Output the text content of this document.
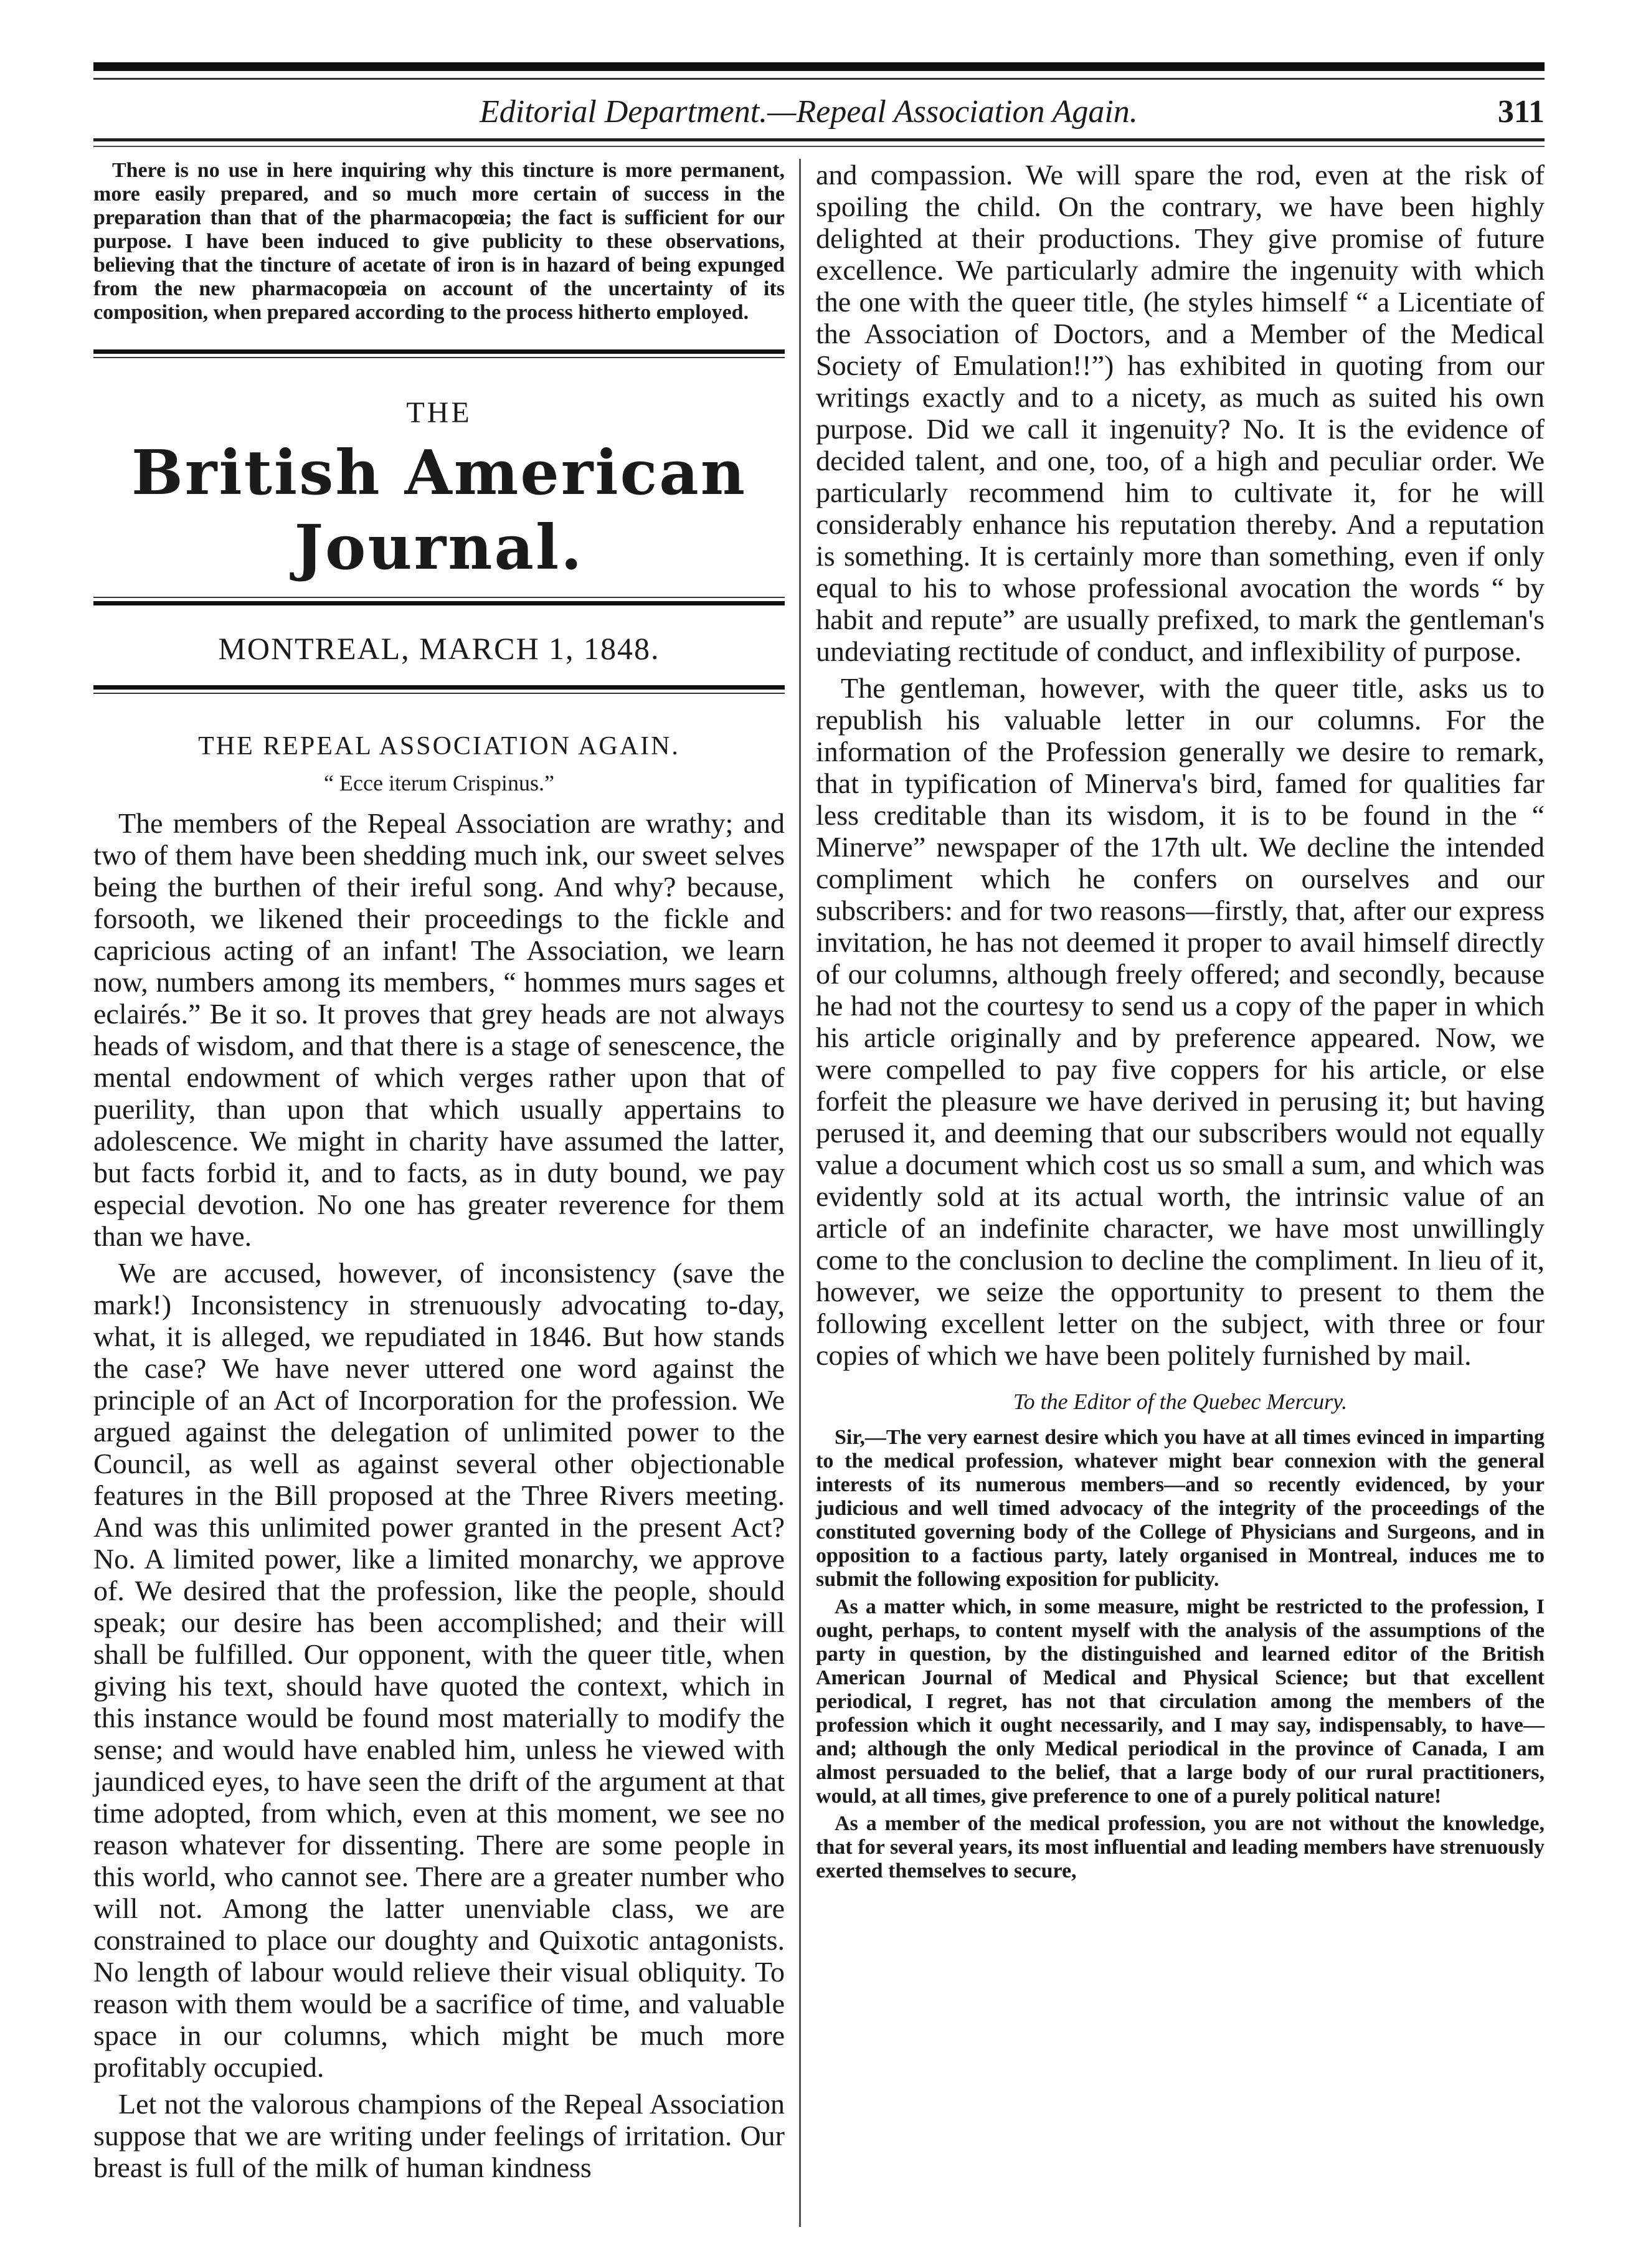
Editorial Department.—Repeal Association Again.	311

There is no use in here inquiring why this tincture is more permanent, more easily prepared, and so much more certain of success in the preparation than that of the pharmacopœia; the fact is sufficient for our purpose. I have been induced to give publicity to these observations, believing that the tincture of acetate of iron is in hazard of being expunged from the new pharmacopœia on account of the uncertainty of its composition, when prepared according to the process hitherto employed.

THE
British American Journal.
MONTREAL, MARCH 1, 1848.
THE REPEAL ASSOCIATION AGAIN.
“ Ecce iterum Crispinus.”

The members of the Repeal Association are wrathy; and two of them have been shedding much ink, our sweet selves being the burthen of their ireful song. And why? because, forsooth, we likened their proceedings to the fickle and capricious acting of an infant! The Association, we learn now, numbers among its members, “ hommes murs sages et eclairés.” Be it so. It proves that grey heads are not always heads of wisdom, and that there is a stage of senescence, the mental endowment of which verges rather upon that of puerility, than upon that which usually appertains to adolescence. We might in charity have assumed the latter, but facts forbid it, and to facts, as in duty bound, we pay especial devotion. No one has greater reverence for them than we have.

We are accused, however, of inconsistency (save the mark!) Inconsistency in strenuously advocating to-day, what, it is alleged, we repudiated in 1846. But how stands the case? We have never uttered one word against the principle of an Act of Incorporation for the profession. We argued against the delegation of unlimited power to the Council, as well as against several other objectionable features in the Bill proposed at the Three Rivers meeting. And was this unlimited power granted in the present Act? No. A limited power, like a limited monarchy, we approve of. We desired that the profession, like the people, should speak; our desire has been accomplished; and their will shall be fulfilled. Our opponent, with the queer title, when giving his text, should have quoted the context, which in this instance would be found most materially to modify the sense; and would have enabled him, unless he viewed with jaundiced eyes, to have seen the drift of the argument at that time adopted, from which, even at this moment, we see no reason whatever for dissenting. There are some people in this world, who cannot see. There are a greater number who will not. Among the latter unenviable class, we are constrained to place our doughty and Quixotic antagonists. No length of labour would relieve their visual obliquity. To reason with them would be a sacrifice of time, and valuable space in our columns, which might be much more profitably occupied.

Let not the valorous champions of the Repeal Association suppose that we are writing under feelings of irritation. Our breast is full of the milk of human kindness

and compassion. We will spare the rod, even at the risk of spoiling the child. On the contrary, we have been highly delighted at their productions. They give promise of future excellence. We particularly admire the ingenuity with which the one with the queer title, (he styles himself “ a Licentiate of the Association of Doctors, and a Member of the Medical Society of Emulation!!”) has exhibited in quoting from our writings exactly and to a nicety, as much as suited his own purpose. Did we call it ingenuity? No. It is the evidence of decided talent, and one, too, of a high and peculiar order. We particularly recommend him to cultivate it, for he will considerably enhance his reputation thereby. And a reputation is something. It is certainly more than something, even if only equal to his to whose professional avocation the words “ by habit and repute” are usually prefixed, to mark the gentleman's undeviating rectitude of conduct, and inflexibility of purpose.

The gentleman, however, with the queer title, asks us to republish his valuable letter in our columns. For the information of the Profession generally we desire to remark, that in typification of Minerva's bird, famed for qualities far less creditable than its wisdom, it is to be found in the “ Minerve” newspaper of the 17th ult. We decline the intended compliment which he confers on ourselves and our subscribers: and for two reasons—firstly, that, after our express invitation, he has not deemed it proper to avail himself directly of our columns, although freely offered; and secondly, because he had not the courtesy to send us a copy of the paper in which his article originally and by preference appeared. Now, we were compelled to pay five coppers for his article, or else forfeit the pleasure we have derived in perusing it; but having perused it, and deeming that our subscribers would not equally value a document which cost us so small a sum, and which was evidently sold at its actual worth, the intrinsic value of an article of an indefinite character, we have most unwillingly come to the conclusion to decline the compliment. In lieu of it, however, we seize the opportunity to present to them the following excellent letter on the subject, with three or four copies of which we have been politely furnished by mail.

To the Editor of the Quebec Mercury.

Sir,—The very earnest desire which you have at all times evinced in imparting to the medical profession, whatever might bear connexion with the general interests of its numerous members—and so recently evidenced, by your judicious and well timed advocacy of the integrity of the proceedings of the constituted governing body of the College of Physicians and Surgeons, and in opposition to a factious party, lately organised in Montreal, induces me to submit the following exposition for publicity.

As a matter which, in some measure, might be restricted to the profession, I ought, perhaps, to content myself with the analysis of the assumptions of the party in question, by the distinguished and learned editor of the British American Journal of Medical and Physical Science; but that excellent periodical, I regret, has not that circulation among the members of the profession which it ought necessarily, and I may say, indispensably, to have—and; although the only Medical periodical in the province of Canada, I am almost persuaded to the belief, that a large body of our rural practitioners, would, at all times, give preference to one of a purely political nature!

As a member of the medical profession, you are not without the knowledge, that for several years, its most influential and leading members have strenuously exerted themselves to secure,
